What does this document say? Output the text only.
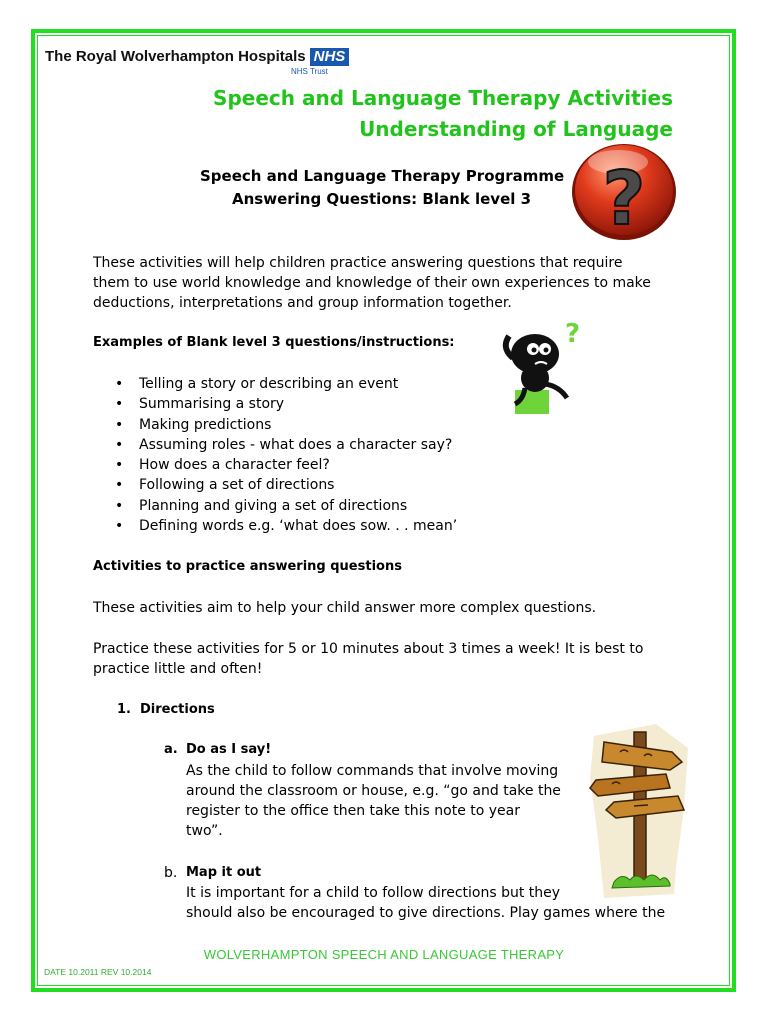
The Royal Wolverhampton Hospitals NHS
NHS Trust
Speech and Language Therapy Activities
Understanding of Language
Speech and Language Therapy Programme
Answering Questions: Blank level 3 ?
These activities will help children practice answering questions that require
them to use world knowledge and knowledge of their own experiences to make
deductions, interpretations and group information together.
Examples of Blank level 3 questions/instructions:	?
• Telling a story or describing an event
• Summarising a story
• Making predictions
• Assuming roles - what does a character say?
• How does a character feel?
• Following a set of directions
• Planning and giving a set of directions
• Defining words e.g. ‘what does sow. . . mean’
Activities to practice answering questions
These activities aim to help your child answer more complex questions.
Practice these activities for 5 or 10 minutes about 3 times a week! It is best to
practice little and often!
1. Directions
a. Do as I say!
As the child to follow commands that involve moving
around the classroom or house, e.g. “go and take the
register to the office then take this note to year
two”.
b. Map it out
It is important for a child to follow directions but they
should also be encouraged to give directions. Play games where the
WOLVERHAMPTON SPEECH AND LANGUAGE THERAPY
DATE 10.2011 REV 10.2014
